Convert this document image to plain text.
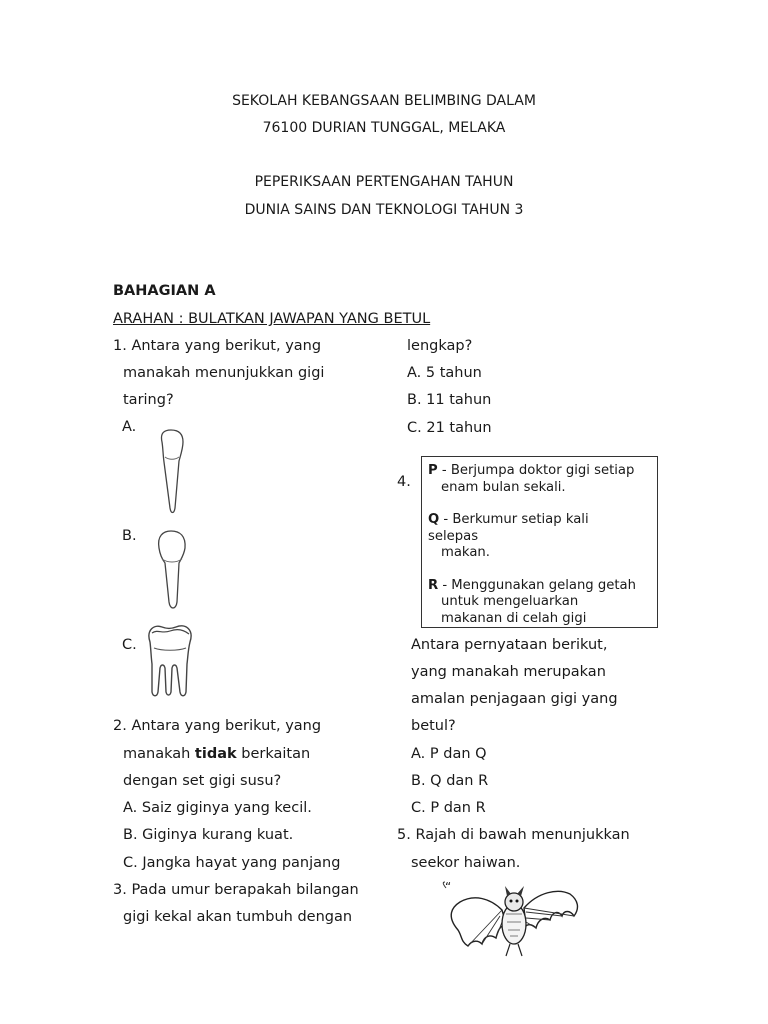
SEKOLAH KEBANGSAAN BELIMBING DALAM
76100 DURIAN TUNGGAL, MELAKA
PEPERIKSAAN PERTENGAHAN TAHUN
DUNIA SAINS DAN TEKNOLOGI TAHUN 3
BAHAGIAN A
ARAHAN : BULATKAN JAWAPAN YANG BETUL
1. Antara yang berikut, yang
manakah menunjukkan gigi
taring?
A.
B.
C.
2. Antara yang berikut, yang
manakah tidak berkaitan
dengan set gigi susu?
A. Saiz giginya yang kecil.
B. Giginya kurang kuat.
C. Jangka hayat yang panjang
3. Pada umur berapakah bilangan
gigi kekal akan tumbuh dengan
lengkap?
A. 5 tahun
B. 11 tahun
C. 21 tahun
4.
P - Berjumpa doktor gigi setiap
enam bulan sekali.
Q - Berkumur setiap kali
selepas
makan.
R - Menggunakan gelang getah
untuk mengeluarkan
makanan di celah gigi
Antara pernyataan berikut,
yang manakah merupakan
amalan penjagaan gigi yang
betul?
A. P dan Q
B. Q dan R
C. P dan R
5. Rajah di bawah menunjukkan
seekor haiwan.
“
